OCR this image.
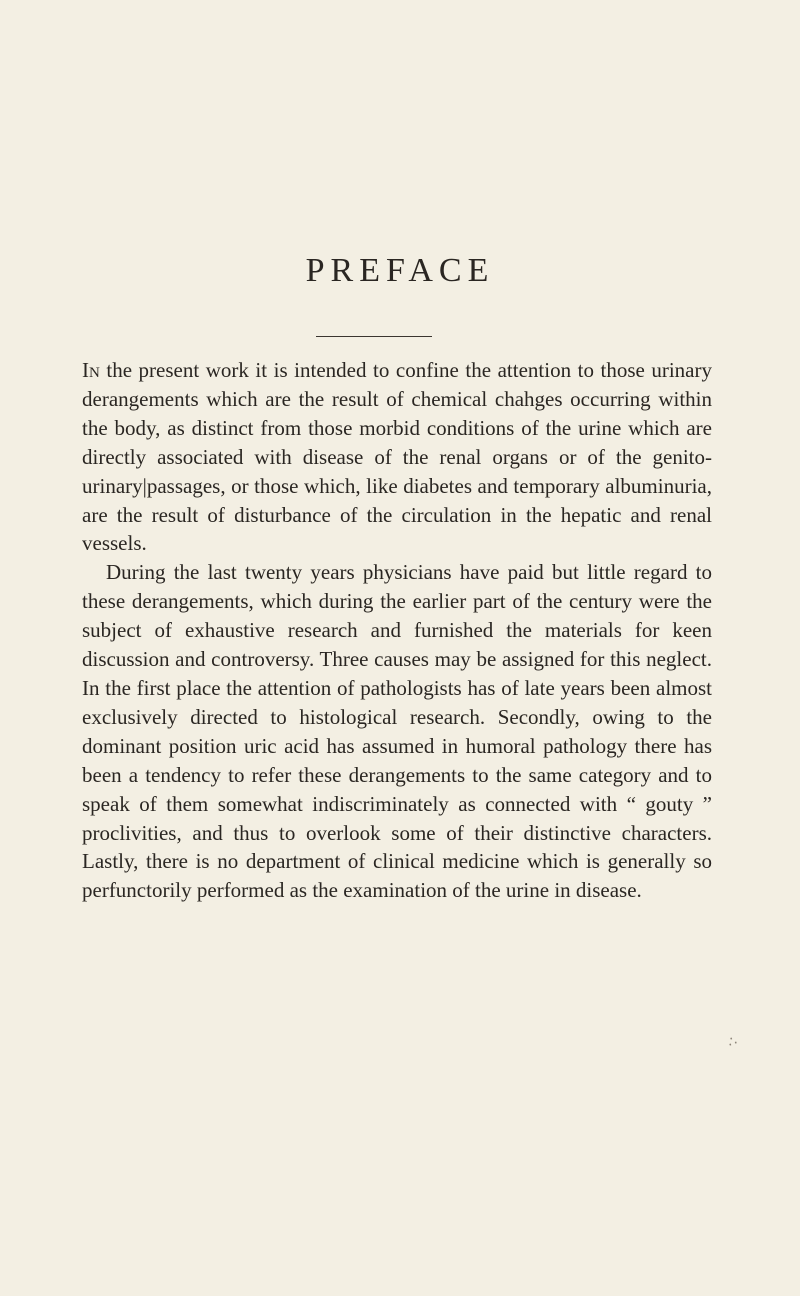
PREFACE

In the present work it is intended to confine the attention to those urinary derangements which are the result of chemical chahges occurring within the body, as distinct from those morbid conditions of the urine which are directly associated with disease of the renal organs or of the genito-urinary|passages, or those which, like diabetes and temporary albuminuria, are the result of disturbance of the circulation in the hepatic and renal vessels.

During the last twenty years physicians have paid but little regard to these derangements, which during the earlier part of the century were the subject of exhaustive research and furnished the materials for keen discussion and controversy. Three causes may be assigned for this neglect. In the first place the attention of pathologists has of late years been almost exclusively directed to histological research. Secondly, owing to the dominant position uric acid has assumed in humoral pathology there has been a tendency to refer these derangements to the same category and to speak of them somewhat indiscriminately as connected with “ gouty ” proclivities, and thus to overlook some of their distinctive characters. Lastly, there is no department of clinical medicine which is generally so perfunctorily performed as the examination of the urine in disease.

∴
